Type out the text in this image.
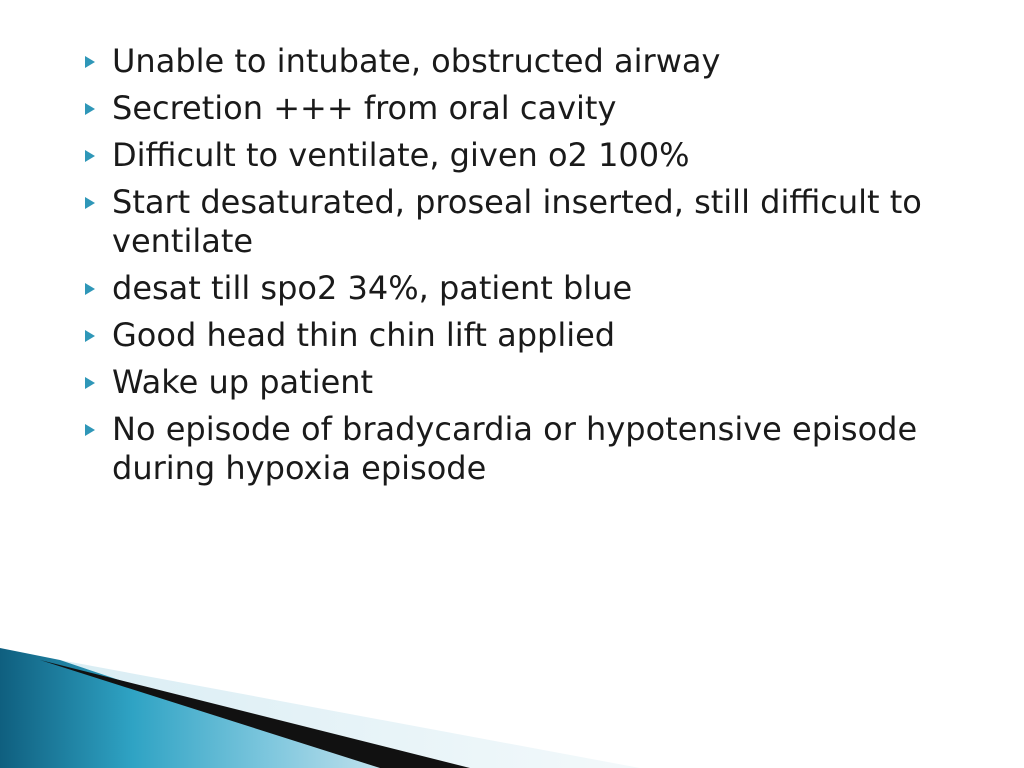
Unable to intubate, obstructed airway
Secretion +++ from oral cavity
Difficult to ventilate, given o2 100%
Start desaturated, proseal inserted, still difficult to ventilate
desat till spo2 34%, patient blue
Good head thin chin lift applied
Wake up patient
No episode of bradycardia or hypotensive episode during hypoxia episode
